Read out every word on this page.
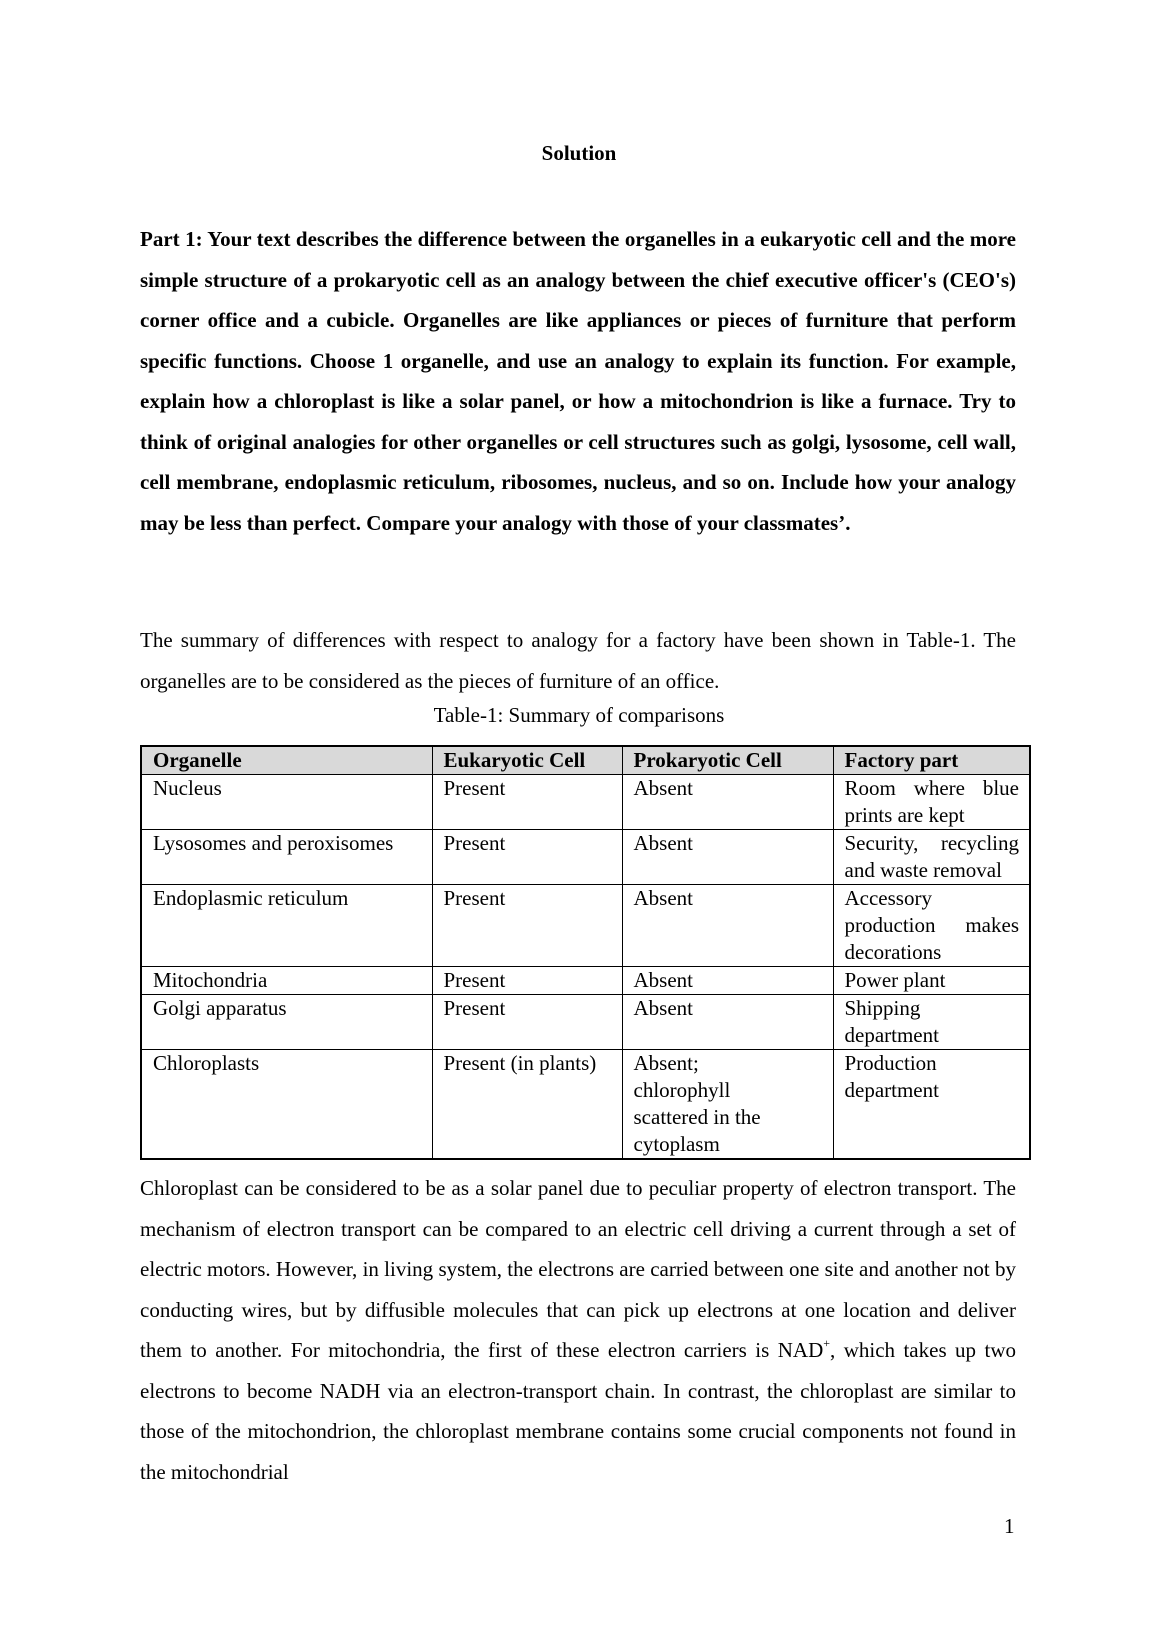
Solution

Part 1: Your text describes the difference between the organelles in a eukaryotic cell and the more simple structure of a prokaryotic cell as an analogy between the chief executive officer's (CEO's) corner office and a cubicle. Organelles are like appliances or pieces of furniture that perform specific functions. Choose 1 organelle, and use an analogy to explain its function. For example, explain how a chloroplast is like a solar panel, or how a mitochondrion is like a furnace. Try to think of original analogies for other organelles or cell structures such as golgi, lysosome, cell wall, cell membrane, endoplasmic reticulum, ribosomes, nucleus, and so on. Include how your analogy may be less than perfect. Compare your analogy with those of your classmates’.

The summary of differences with respect to analogy for a factory have been shown in Table-1. The organelles are to be considered as the pieces of furniture of an office.

Table-1: Summary of comparisons
Organelle	Eukaryotic Cell	Prokaryotic Cell	Factory part
Nucleus	Present	Absent	Room where blue prints are kept
Lysosomes and peroxisomes	Present	Absent	Security, recycling and waste removal
Endoplasmic reticulum	Present	Absent	Accessory production makes decorations
Mitochondria	Present	Absent	Power plant
Golgi apparatus	Present	Absent	Shipping department

Chloroplasts	Present (in plants)	Absent; chlorophyll scattered in the cytoplasm	Production department

Chloroplast can be considered to be as a solar panel due to peculiar property of electron transport. The mechanism of electron transport can be compared to an electric cell driving a current through a set of electric motors. However, in living system, the electrons are carried between one site and another not by conducting wires, but by diffusible molecules that can pick up electrons at one location and deliver them to another. For mitochondria, the first of these electron carriers is NAD+, which takes up two electrons to become NADH via an electron-transport chain. In contrast, the chloroplast are similar to those of the mitochondrion, the chloroplast membrane contains some crucial components not found in the mitochondrial

1
